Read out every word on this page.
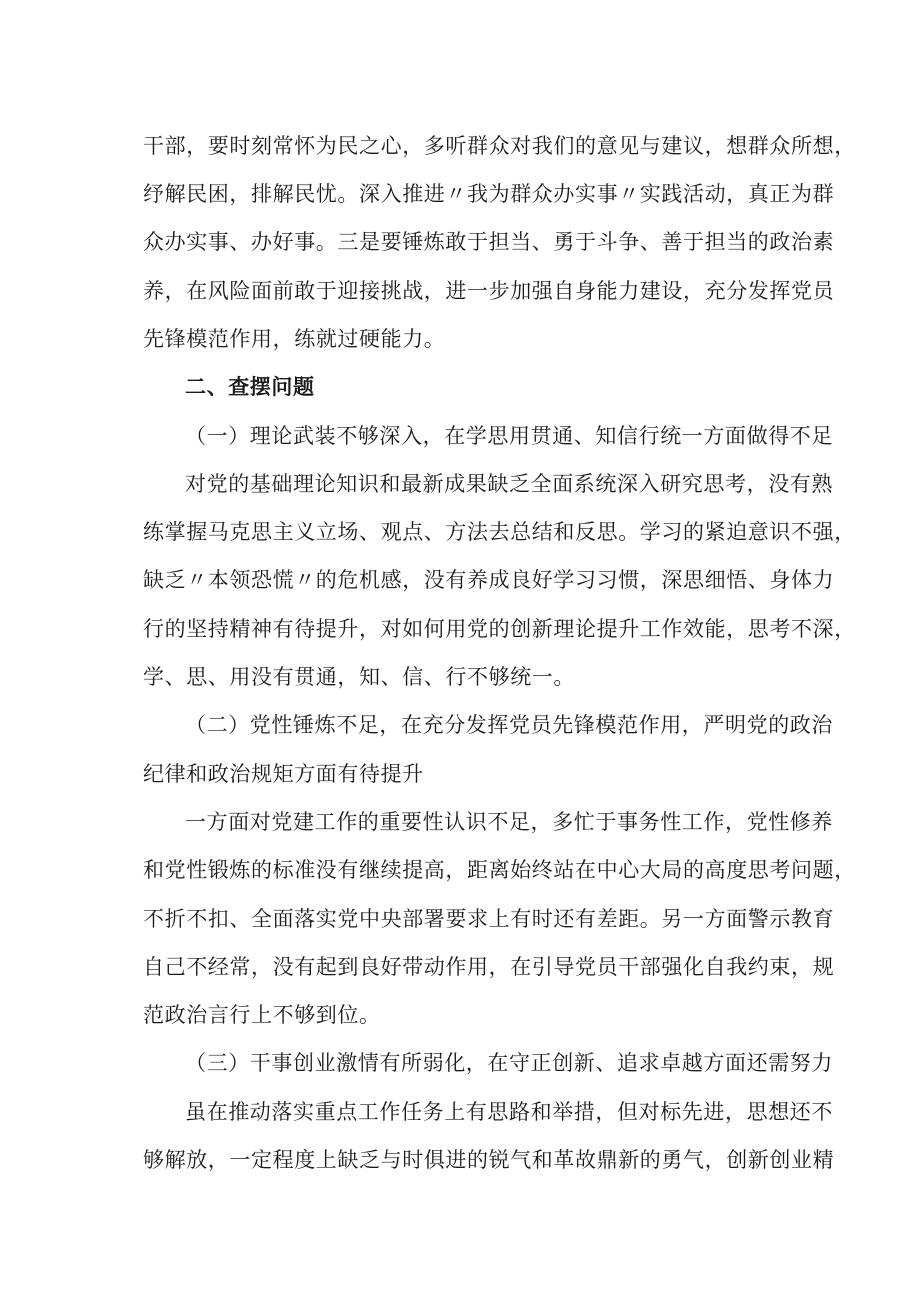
干部，要时刻常怀为民之心，多听群众对我们的意见与建议，想群众所想，
纾解民困，排解民忧。深入推进〃我为群众办实事〃实践活动，真正为群
众办实事、办好事。三是要锤炼敢于担当、勇于斗争、善于担当的政治素
养，在风险面前敢于迎接挑战，进一步加强自身能力建设，充分发挥党员
先锋模范作用，练就过硬能力。
二、查摆问题
（一）理论武装不够深入，在学思用贯通、知信行统一方面做得不足
对党的基础理论知识和最新成果缺乏全面系统深入研究思考，没有熟
练掌握马克思主义立场、观点、方法去总结和反思。学习的紧迫意识不强，
缺乏〃本领恐慌〃的危机感，没有养成良好学习习惯，深思细悟、身体力
行的坚持精神有待提升，对如何用党的创新理论提升工作效能，思考不深，
学、思、用没有贯通，知、信、行不够统一。
（二）党性锤炼不足，在充分发挥党员先锋模范作用，严明党的政治
纪律和政治规矩方面有待提升
一方面对党建工作的重要性认识不足，多忙于事务性工作，党性修养
和党性锻炼的标准没有继续提高，距离始终站在中心大局的高度思考问题，
不折不扣、全面落实党中央部署要求上有时还有差距。另一方面警示教育
自己不经常，没有起到良好带动作用，在引导党员干部强化自我约束，规
范政治言行上不够到位。
（三）干事创业激情有所弱化，在守正创新、追求卓越方面还需努力
虽在推动落实重点工作任务上有思路和举措，但对标先进，思想还不
够解放，一定程度上缺乏与时俱进的锐气和革故鼎新的勇气，创新创业精
